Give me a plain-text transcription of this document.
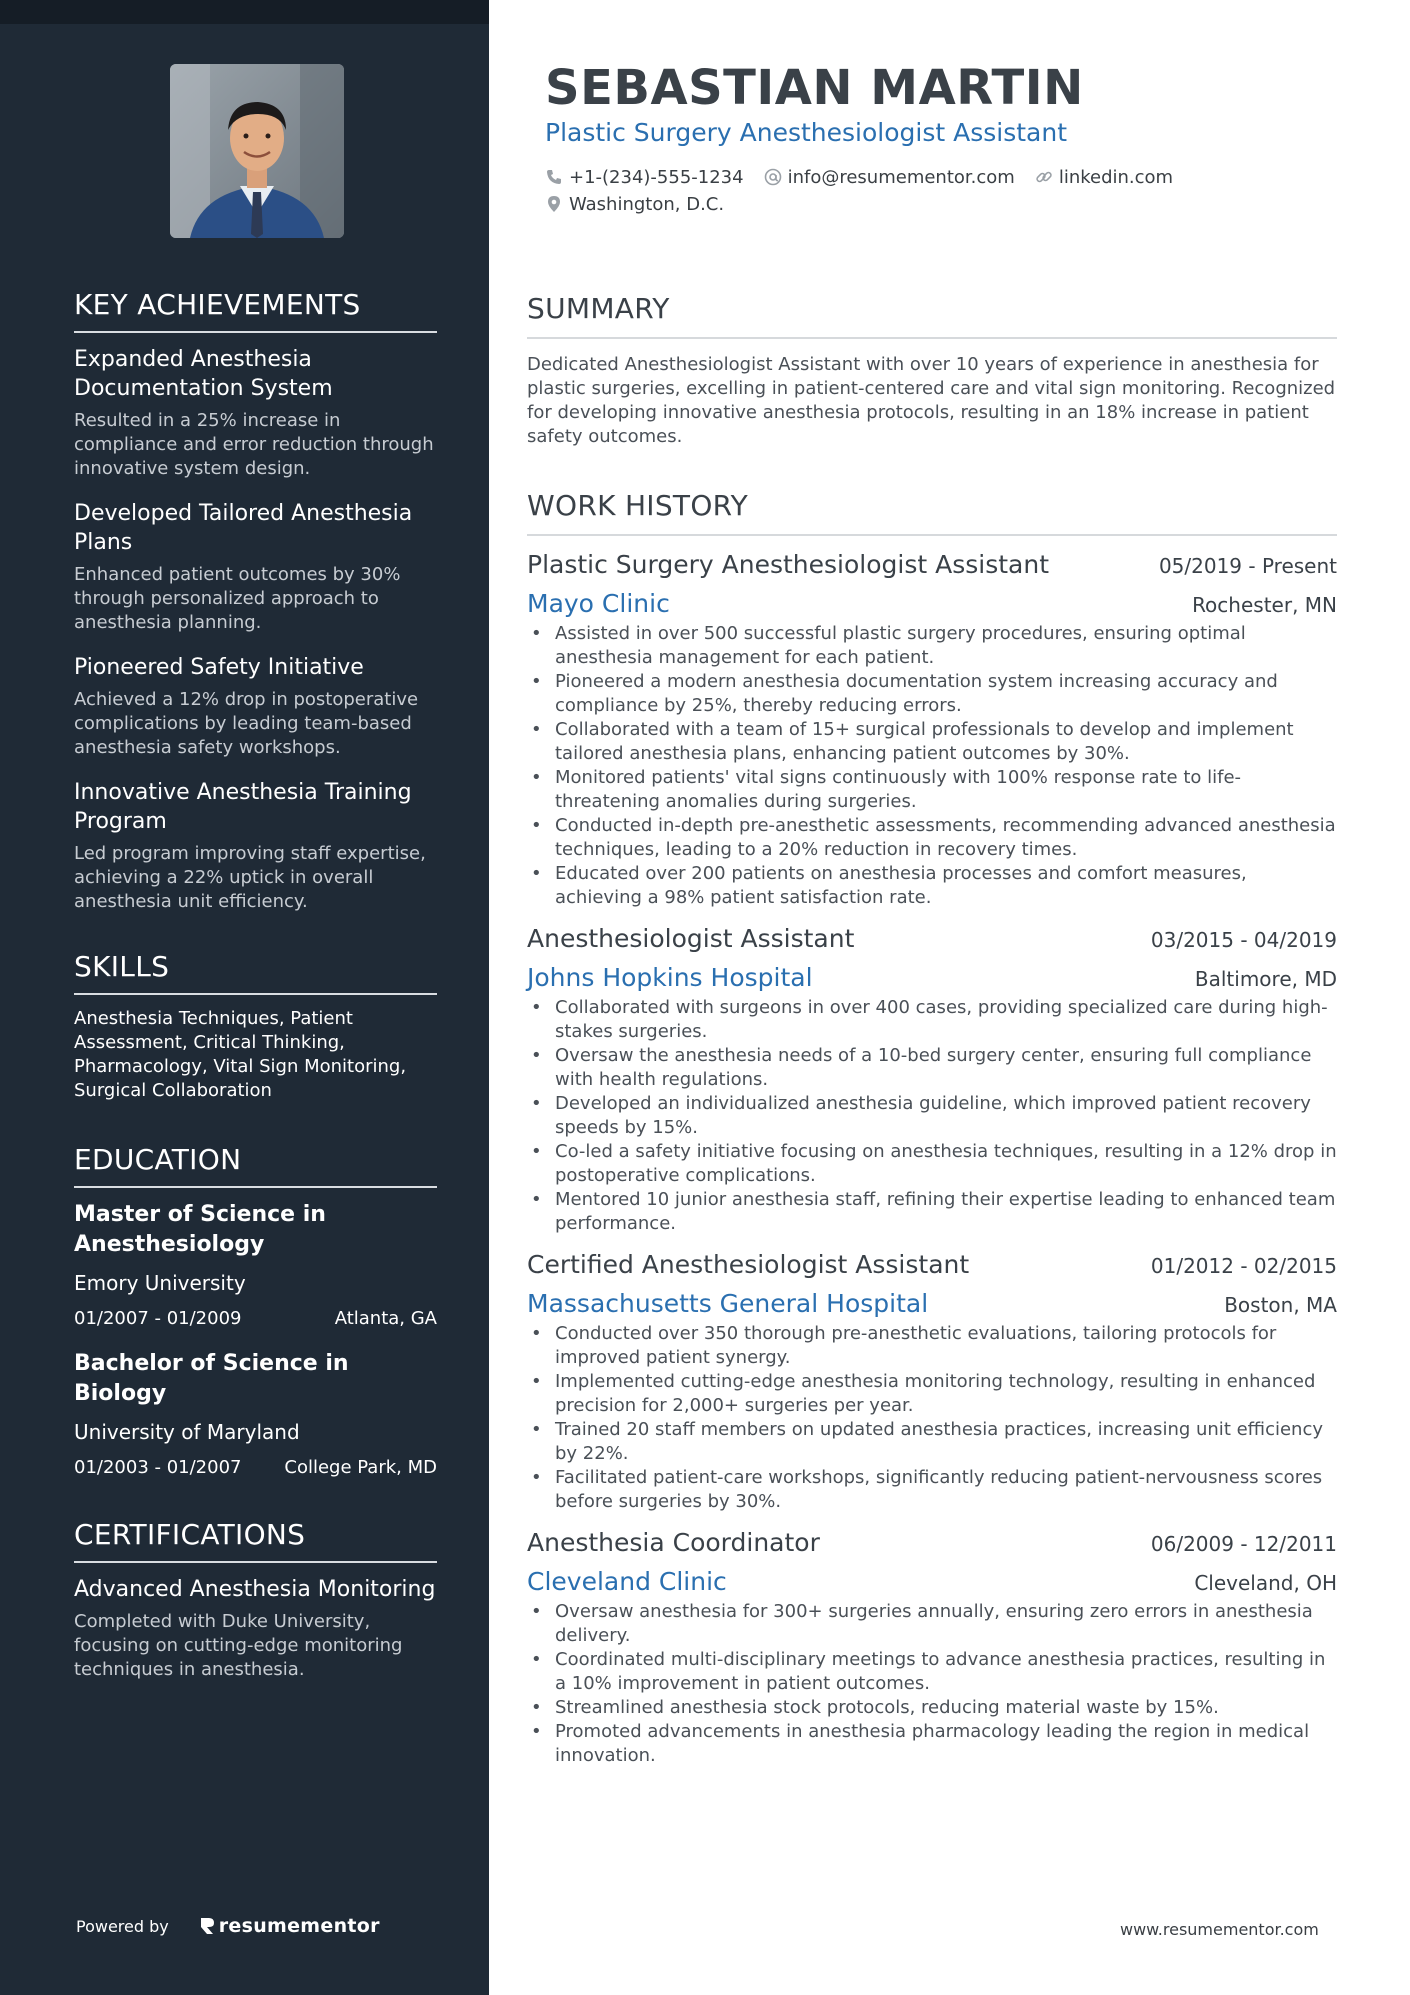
KEY ACHIEVEMENTS
Expanded Anesthesia Documentation System
Resulted in a 25% increase in compliance and error reduction through innovative system design.
Developed Tailored Anesthesia Plans
Enhanced patient outcomes by 30% through personalized approach to anesthesia planning.
Pioneered Safety Initiative
Achieved a 12% drop in postoperative complications by leading team-based anesthesia safety workshops.
Innovative Anesthesia Training Program
Led program improving staff expertise, achieving a 22% uptick in overall anesthesia unit efficiency.
SKILLS
Anesthesia Techniques, Patient Assessment, Critical Thinking, Pharmacology, Vital Sign Monitoring, Surgical Collaboration
EDUCATION
Master of Science in Anesthesiology
Emory University
01/2007 - 01/2009	Atlanta, GA
Bachelor of Science in Biology
University of Maryland
01/2003 - 01/2007 College Park, MD
CERTIFICATIONS
Advanced Anesthesia Monitoring
Completed with Duke University, focusing on cutting-edge monitoring techniques in anesthesia.
Powered by	resumementor
SEBASTIAN MARTIN
Plastic Surgery Anesthesiologist Assistant
+1-(234)-555-1234 info@resumementor.com linkedin.com
Washington, D.C.
SUMMARY
Dedicated Anesthesiologist Assistant with over 10 years of experience in anesthesia for plastic surgeries, excelling in patient-centered care and vital sign monitoring. Recognized for developing innovative anesthesia protocols, resulting in an 18% increase in patient safety outcomes.
WORK HISTORY
Plastic Surgery Anesthesiologist Assistant	05/2019 - Present
Mayo Clinic	Rochester, MN
• Assisted in over 500 successful plastic surgery procedures, ensuring optimal anesthesia management for each patient.
• Pioneered a modern anesthesia documentation system increasing accuracy and compliance by 25%, thereby reducing errors.
• Collaborated with a team of 15+ surgical professionals to develop and implement tailored anesthesia plans, enhancing patient outcomes by 30%.
• Monitored patients' vital signs continuously with 100% response rate to life-threatening anomalies during surgeries.
• Conducted in-depth pre-anesthetic assessments, recommending advanced anesthesia techniques, leading to a 20% reduction in recovery times.
• Educated over 200 patients on anesthesia processes and comfort measures, achieving a 98% patient satisfaction rate.
Anesthesiologist Assistant	03/2015 - 04/2019
Johns Hopkins Hospital	Baltimore, MD
• Collaborated with surgeons in over 400 cases, providing specialized care during high-stakes surgeries.
• Oversaw the anesthesia needs of a 10-bed surgery center, ensuring full compliance with health regulations.
• Developed an individualized anesthesia guideline, which improved patient recovery speeds by 15%.
• Co-led a safety initiative focusing on anesthesia techniques, resulting in a 12% drop in postoperative complications.
• Mentored 10 junior anesthesia staff, refining their expertise leading to enhanced team performance.
Certified Anesthesiologist Assistant	01/2012 - 02/2015
Massachusetts General Hospital	Boston, MA
• Conducted over 350 thorough pre-anesthetic evaluations, tailoring protocols for improved patient synergy.
• Implemented cutting-edge anesthesia monitoring technology, resulting in enhanced precision for 2,000+ surgeries per year.
• Trained 20 staff members on updated anesthesia practices, increasing unit efficiency by 22%.
• Facilitated patient-care workshops, significantly reducing patient-nervousness scores before surgeries by 30%.
Anesthesia Coordinator	06/2009 - 12/2011
Cleveland Clinic	Cleveland, OH
• Oversaw anesthesia for 300+ surgeries annually, ensuring zero errors in anesthesia delivery.
• Coordinated multi-disciplinary meetings to advance anesthesia practices, resulting in a 10% improvement in patient outcomes.
• Streamlined anesthesia stock protocols, reducing material waste by 15%.
• Promoted advancements in anesthesia pharmacology leading the region in medical innovation.
www.resumementor.com
